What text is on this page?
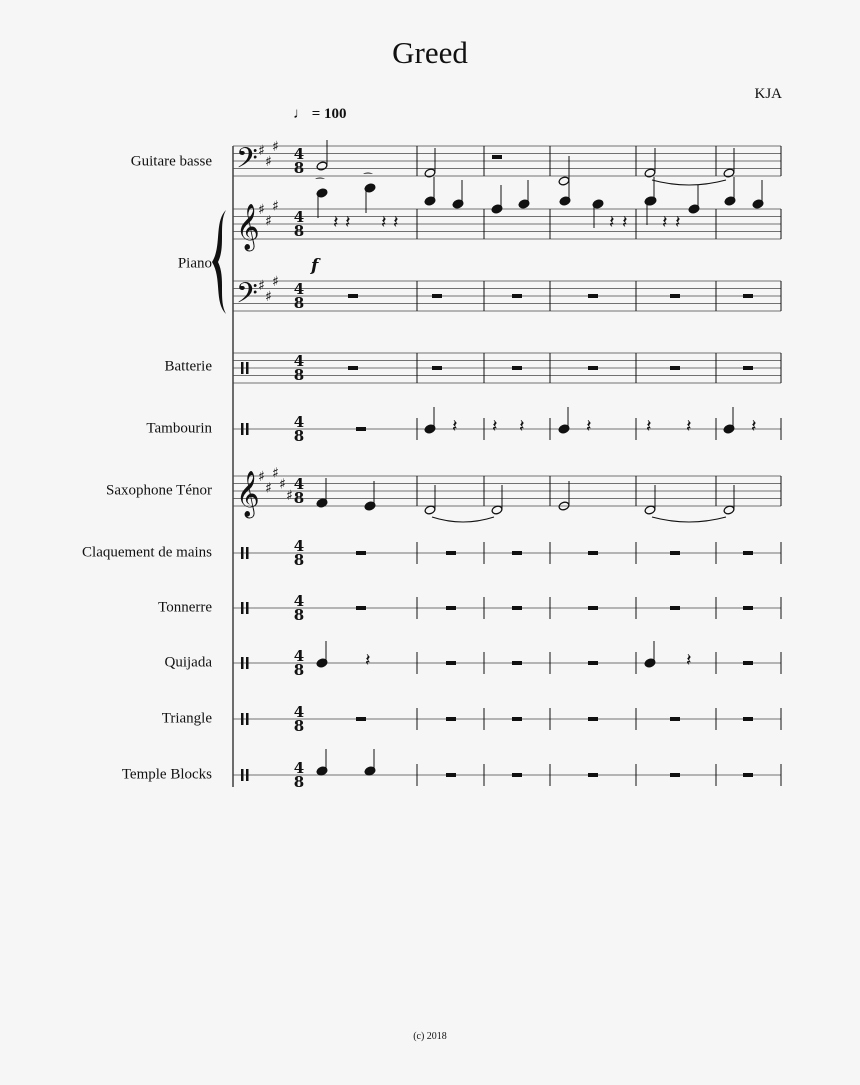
Greed
KJA
♩ = 100
Guitare basse
Piano
Batterie
Tambourin
Saxophone Ténor
Claquement de mains
Tonnerre
Quijada
Triangle
Temple Blocks
(c) 2018
4
8
4
8
4
8
4
8
4
8
4
8
4
8
4
8
4
8
4
8
4
8
𝄢 ♯
♯
♯
𝄞
♯
♯
♯
𝄢 ♯
♯
♯
𝄞
♯
♯
♯
♯
♯
⁀
𝄽 𝄽
⁀
𝄽 𝄽
f
𝄽 𝄽 𝄽 𝄽
𝄽 𝄽 𝄽	𝄽	𝄽 𝄽	𝄽
𝄽	𝄽
